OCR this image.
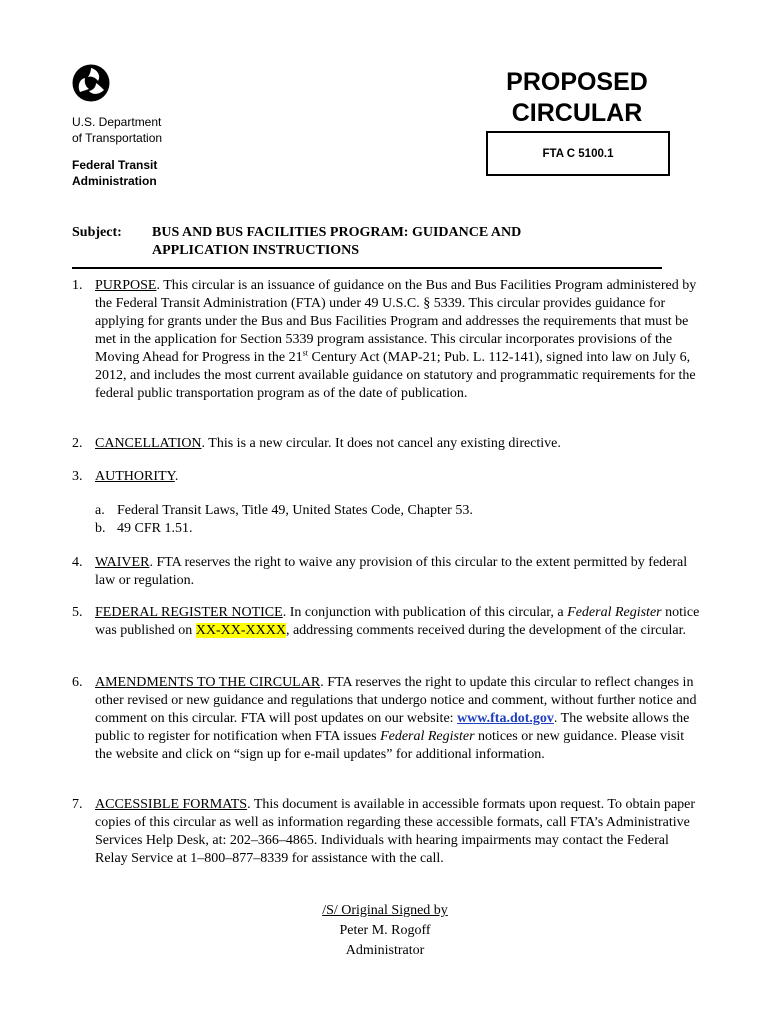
U.S. Department
of Transportation
Federal Transit
Administration
PROPOSED
CIRCULAR
FTA C 5100.1
Subject: BUS AND BUS FACILITIES PROGRAM: GUIDANCE AND
APPLICATION INSTRUCTIONS
1. PURPOSE. This circular is an issuance of guidance on the Bus and Bus Facilities Program administered by the Federal Transit Administration (FTA) under 49 U.S.C. § 5339. This circular provides guidance for applying for grants under the Bus and Bus Facilities Program and addresses the requirements that must be met in the application for Section 5339 program assistance. This circular incorporates provisions of the Moving Ahead for Progress in the 21st Century Act (MAP-21; Pub. L. 112-141), signed into law on July 6, 2012, and includes the most current available guidance on statutory and programmatic requirements for the federal public transportation program as of the date of publication.
2. CANCELLATION. This is a new circular. It does not cancel any existing directive.
3. AUTHORITY.
a. Federal Transit Laws, Title 49, United States Code, Chapter 53.
b. 49 CFR 1.51.
4. WAIVER. FTA reserves the right to waive any provision of this circular to the extent permitted by federal law or regulation.
5. FEDERAL REGISTER NOTICE. In conjunction with publication of this circular, a Federal Register notice was published on XX-XX-XXXX, addressing comments received during the development of the circular.
6. AMENDMENTS TO THE CIRCULAR. FTA reserves the right to update this circular to reflect changes in other revised or new guidance and regulations that undergo notice and comment, without further notice and comment on this circular. FTA will post updates on our website: www.fta.dot.gov. The website allows the public to register for notification when FTA issues Federal Register notices or new guidance. Please visit the website and click on “sign up for e-mail updates” for additional information.
7. ACCESSIBLE FORMATS. This document is available in accessible formats upon request. To obtain paper copies of this circular as well as information regarding these accessible formats, call FTA’s Administrative Services Help Desk, at: 202–366–4865. Individuals with hearing impairments may contact the Federal Relay Service at 1–800–877–8339 for assistance with the call.
/S/ Original Signed by
Peter M. Rogoff
Administrator
